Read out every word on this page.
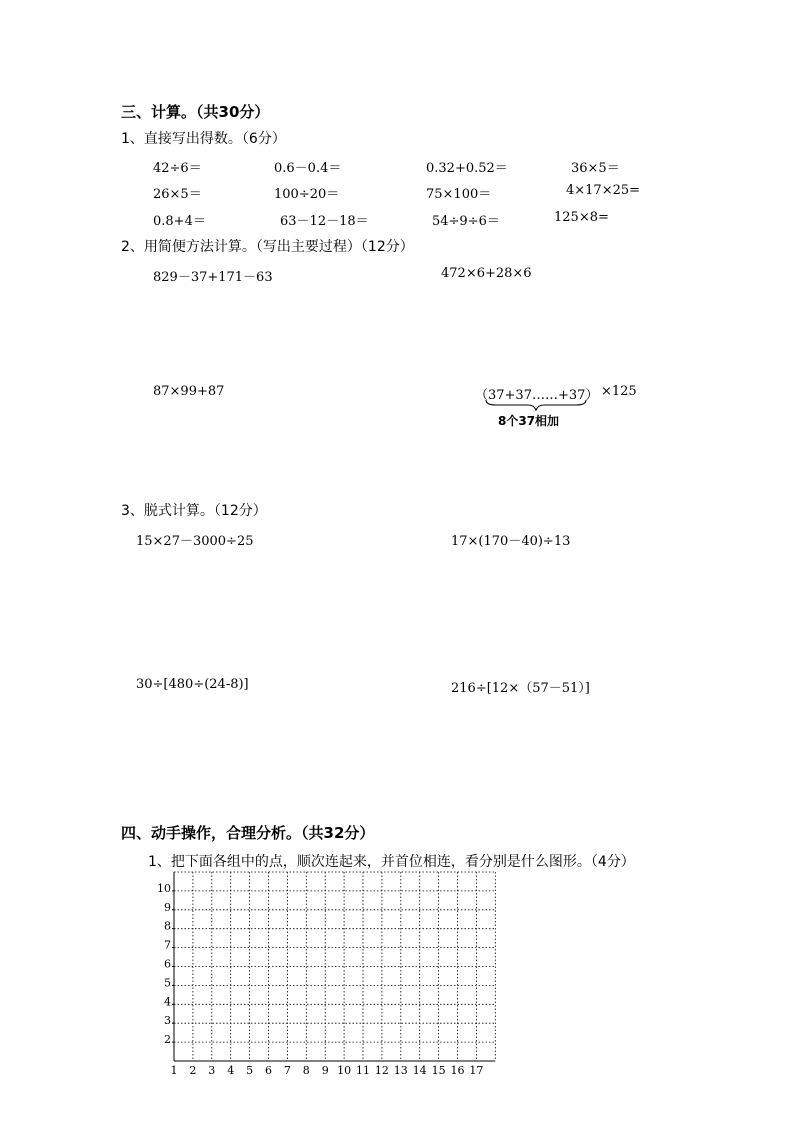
三、计算。（共30分）
1、直接写出得数。（6分）
42÷6＝	0.6－0.4＝	0.32+0.52＝	36×5＝
26×5＝	100÷20＝	75×100＝	4×17×25=
0.8+4＝	63－12－18＝	54÷9÷6＝	125×8=
2、用简便方法计算。（写出主要过程）（12分）
829－37+171－63	472×6+28×6
87×99+87	（37+37……+37） ×125
8个37相加
3、脱式计算。（12分）
15×27－3000÷25	17×(170－40)÷13
30÷[480÷(24-8)]	216÷[12×（57－51）]
四、动手操作，合理分析。（共32分）
1、把下面各组中的点，顺次连起来，并首位相连，看分别是什么图形。（4分）
1 2 3 4 5 6 7 8 9 10 11 12 13 14 15 16 17
10
9
8
7
6
5
4
3
2
